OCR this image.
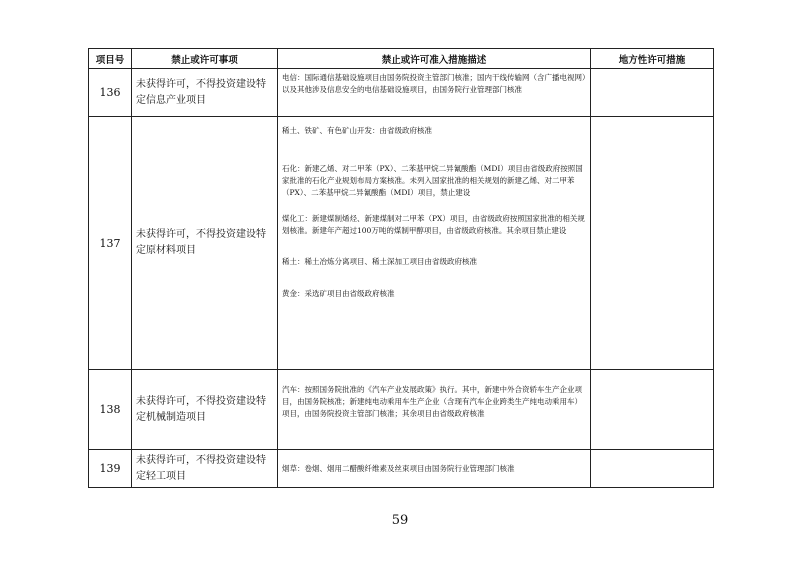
项目号	禁止或许可事项	禁止或许可准入措施描述	地方性许可措施
136	未获得许可，不得投资建设特定信息产业项目	电信：国际通信基础设施项目由国务院投资主管部门核准；国内干线传输网（含广播电视网）以及其他涉及信息安全的电信基础设施项目，由国务院行业管理部门核准	

137	未获得许可，不得投资建设特定原材料项目	稀土、铁矿、有色矿山开发：由省级政府核准

石化：新建乙烯、对二甲苯（PX）、二苯基甲烷二异氰酸酯（MDI）项目由省级政府按照国家批准的石化产业规划布局方案核准。未列入国家批准的相关规划的新建乙烯、对二甲苯（PX）、二苯基甲烷二异氰酸酯（MDI）项目，禁止建设

煤化工：新建煤制烯烃、新建煤制对二甲苯（PX）项目，由省级政府按照国家批准的相关规划核准。新建年产超过100万吨的煤制甲醇项目，由省级政府核准。其余项目禁止建设

稀土：稀土冶炼分离项目、稀土深加工项目由省级政府核准

黄金：采选矿项目由省级政府核准	

138	未获得许可，不得投资建设特定机械制造项目	汽车：按照国务院批准的《汽车产业发展政策》执行。其中，新建中外合资轿车生产企业项目，由国务院核准；新建纯电动乘用车生产企业（含现有汽车企业跨类生产纯电动乘用车）项目，由国务院投资主管部门核准；其余项目由省级政府核准	

139	未获得许可，不得投资建设特定轻工项目	烟草：卷烟、烟用二醋酸纤维素及丝束项目由国务院行业管理部门核准	

59
